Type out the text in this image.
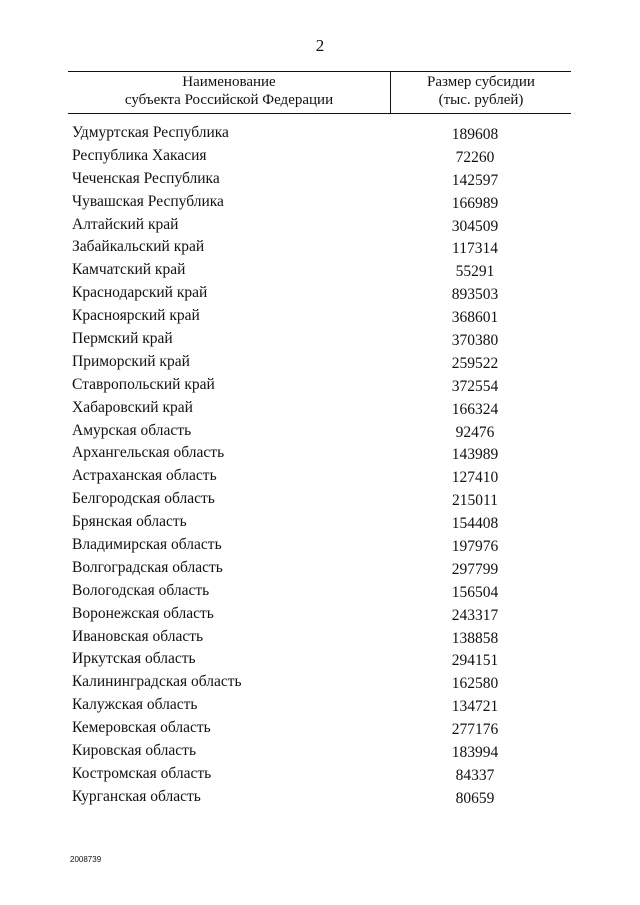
2
Наименование
субъекта Российской Федерации
Размер субсидии
(тыс. рублей)
Удмуртская Республика	189608
Республика Хакасия	72260
Чеченская Республика	142597
Чувашская Республика	166989
Алтайский край	304509
Забайкальский край	117314
Камчатский край	55291
Краснодарский край	893503
Красноярский край	368601
Пермский край	370380
Приморский край	259522
Ставропольский край	372554
Хабаровский край	166324
Амурская область	92476
Архангельская область	143989
Астраханская область	127410
Белгородская область	215011
Брянская область	154408
Владимирская область	197976
Волгоградская область	297799
Вологодская область	156504
Воронежская область	243317
Ивановская область	138858
Иркутская область	294151
Калининградская область	162580
Калужская область	134721
Кемеровская область	277176
Кировская область	183994
Костромская область	84337
Курганская область	80659
2008739
